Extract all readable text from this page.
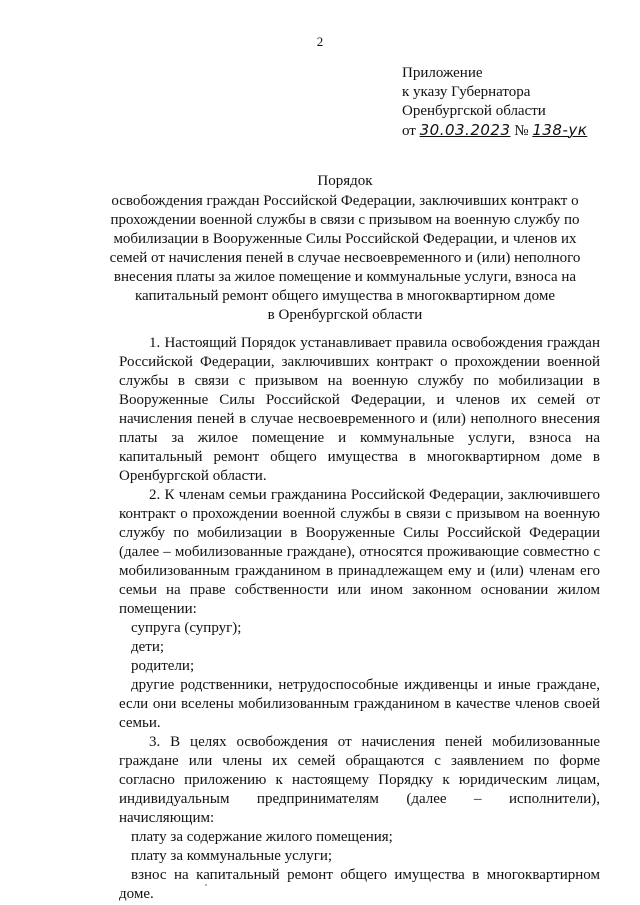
2
Приложение
к указу Губернатора
Оренбургской области
от 30.03.2023 № 138-ук
Порядок
освобождения граждан Российской Федерации, заключивших контракт о
прохождении военной службы в связи с призывом на военную службу по
мобилизации в Вооруженные Силы Российской Федерации, и членов их
семей от начисления пеней в случае несвоевременного и (или) неполного
внесения платы за жилое помещение и коммунальные услуги, взноса на
капитальный ремонт общего имущества в многоквартирном доме
в Оренбургской области

1. Настоящий Порядок устанавливает правила освобождения граждан Российской Федерации, заключивших контракт о прохождении военной службы в связи с призывом на военную службу по мобилизации в Вооруженные Силы Российской Федерации, и членов их семей от начисления пеней в случае несвоевременного и (или) неполного внесения платы за жилое помещение и коммунальные услуги, взноса на капитальный ремонт общего имущества в многоквартирном доме в Оренбургской области.

2. К членам семьи гражданина Российской Федерации, заключившего контракт о прохождении военной службы в связи с призывом на военную службу по мобилизации в Вооруженные Силы Российской Федерации (далее – мобилизованные граждане), относятся проживающие совместно с мобилизованным гражданином в принадлежащем ему и (или) членам его семьи на праве собственности или ином законном основании жилом помещении:

супруга (супруг);

дети;

родители;

другие родственники, нетрудоспособные иждивенцы и иные граждане, если они вселены мобилизованным гражданином в качестве членов своей семьи.

3. В целях освобождения от начисления пеней мобилизованные граждане или члены их семей обращаются с заявлением по форме согласно приложению к настоящему Порядку к юридическим лицам, индивидуальным предпринимателям (далее – исполнители), начисляющим:

плату за содержание жилого помещения;

плату за коммунальные услуги;

взнос на капитальный ремонт общего имущества в многоквартирном доме.
